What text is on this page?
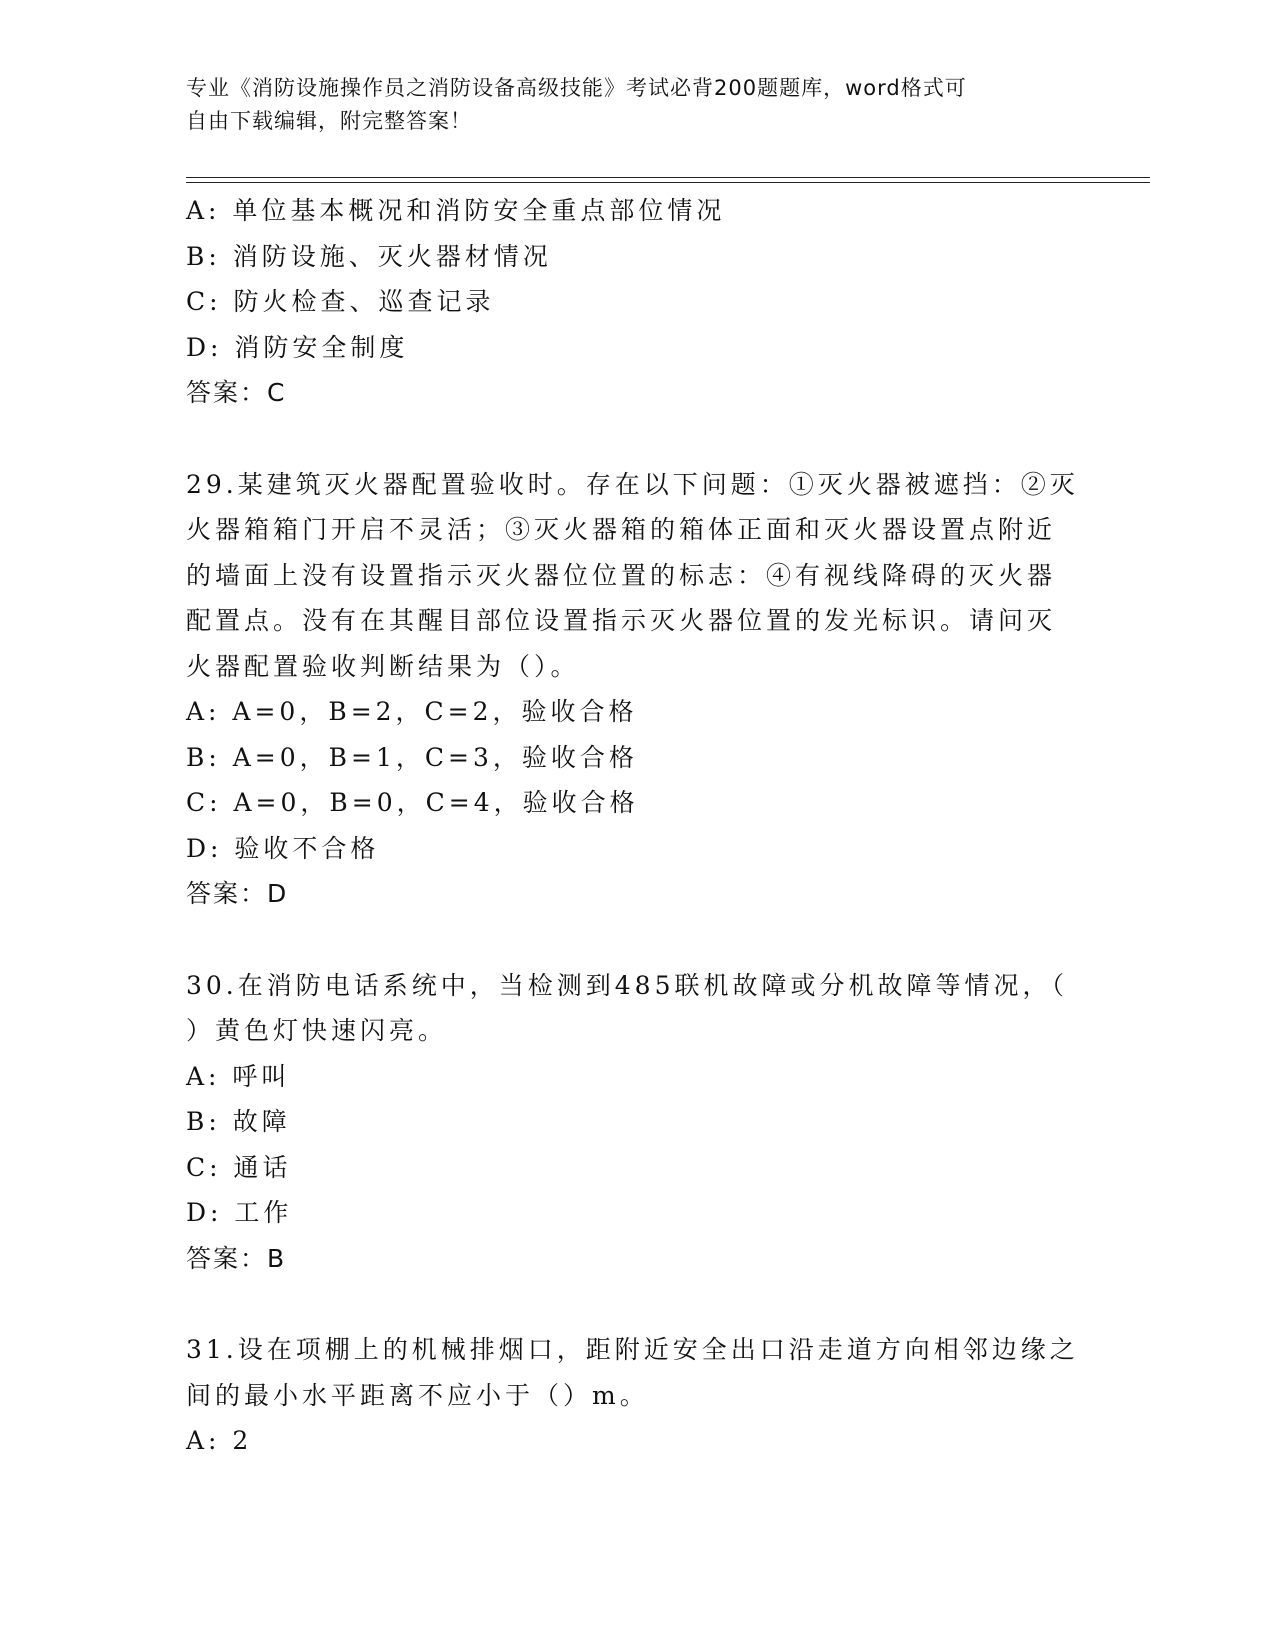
专业《消防设施操作员之消防设备高级技能》考试必背200题题库，word格式可
自由下载编辑，附完整答案！
A: 单位基本概况和消防安全重点部位情况
B: 消防设施、灭火器材情况
C: 防火检查、巡查记录
D: 消防安全制度
答案：C
29.某建筑灭火器配置验收时。存在以下问题：①灭火器被遮挡：②灭
火器箱箱门开启不灵活；③灭火器箱的箱体正面和灭火器设置点附近
的墙面上没有设置指示灭火器位位置的标志：④有视线降碍的灭火器
配置点。没有在其醒目部位设置指示灭火器位置的发光标识。请问灭
火器配置验收判断结果为（）。
A: A=0，B=2，C=2，验收合格
B: A=0，B=1，C=3，验收合格
C: A=0，B=0，C=4，验收合格
D: 验收不合格
答案：D
30.在消防电话系统中，当检测到485联机故障或分机故障等情况，（
）黄色灯快速闪亮。
A: 呼叫
B: 故障
C: 通话
D: 工作
答案：B
31.设在项棚上的机械排烟口，距附近安全出口沿走道方向相邻边缘之
间的最小水平距离不应小于（）m。
A: 2
